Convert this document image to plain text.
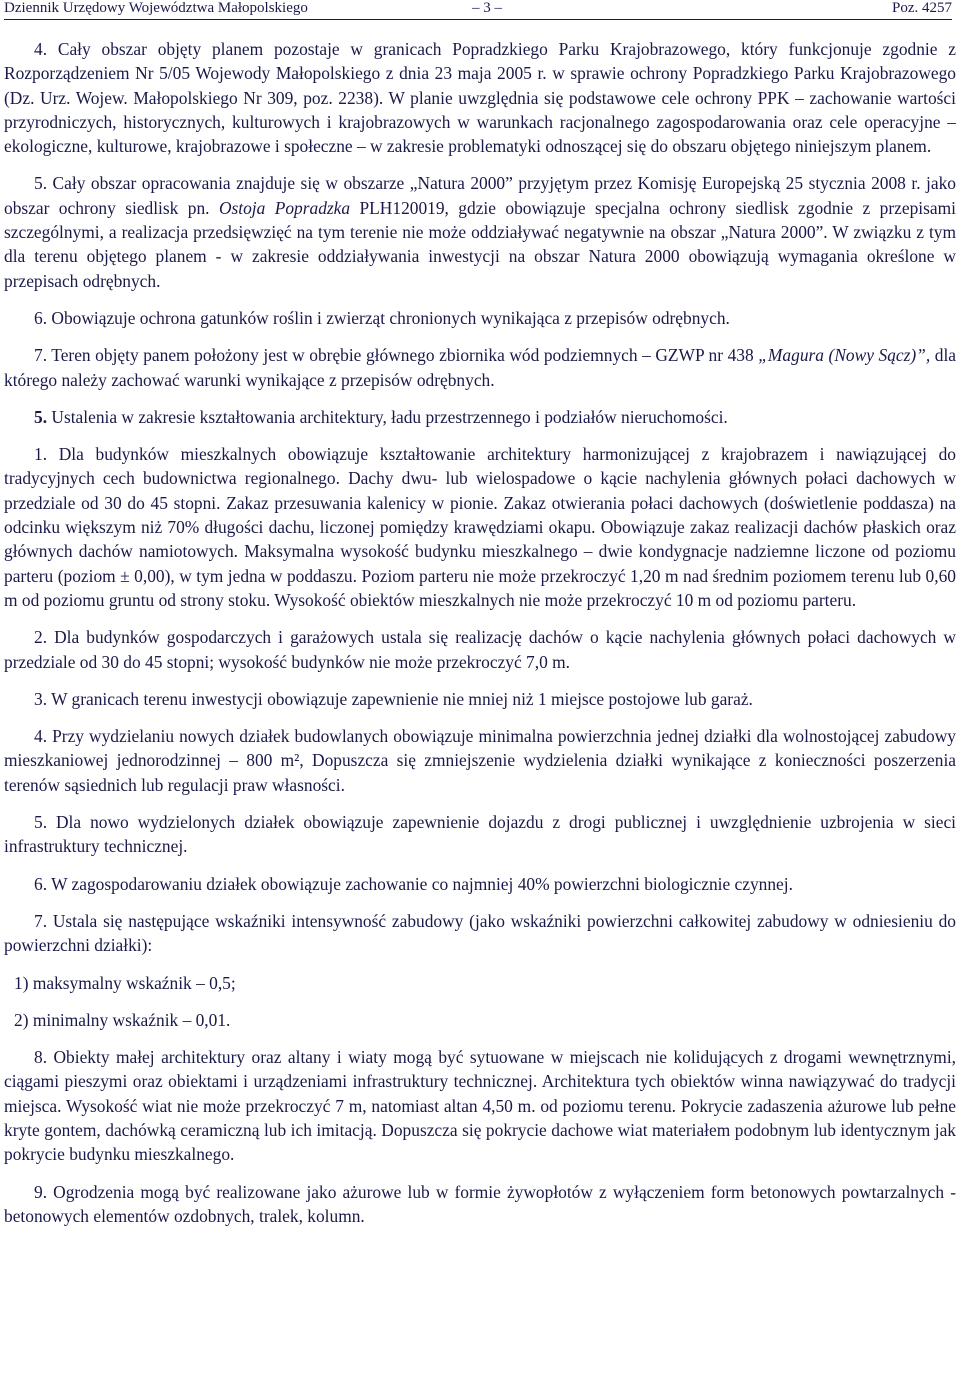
Dziennik Urzędowy Województwa Małopolskiego	– 3 –	Poz. 4257

4. Cały obszar objęty planem pozostaje w granicach Popradzkiego Parku Krajobrazowego, który funkcjonuje zgodnie z Rozporządzeniem Nr 5/05 Wojewody Małopolskiego z dnia 23 maja 2005 r. w sprawie ochrony Popradzkiego Parku Krajobrazowego (Dz. Urz. Wojew. Małopolskiego Nr 309, poz. 2238). W planie uwzględnia się podstawowe cele ochrony PPK – zachowanie wartości przyrodniczych, historycznych, kulturowych i krajobrazowych w warunkach racjonalnego zagospodarowania oraz cele operacyjne – ekologiczne, kulturowe, krajobrazowe i społeczne – w zakresie problematyki odnoszącej się do obszaru objętego niniejszym planem.

5. Cały obszar opracowania znajduje się w obszarze „Natura 2000” przyjętym przez Komisję Europejską 25 stycznia 2008 r. jako obszar ochrony siedlisk pn. Ostoja Popradzka PLH120019, gdzie obowiązuje specjalna ochrony siedlisk zgodnie z przepisami szczególnymi, a realizacja przedsięwzięć na tym terenie nie może oddziaływać negatywnie na obszar „Natura 2000”. W związku z tym dla terenu objętego planem - w zakresie oddziaływania inwestycji na obszar Natura 2000 obowiązują wymagania określone w przepisach odrębnych.

6. Obowiązuje ochrona gatunków roślin i zwierząt chronionych wynikająca z przepisów odrębnych.

7. Teren objęty panem położony jest w obrębie głównego zbiornika wód podziemnych – GZWP nr 438 „Magura (Nowy Sącz)”, dla którego należy zachować warunki wynikające z przepisów odrębnych.

5. Ustalenia w zakresie kształtowania architektury, ładu przestrzennego i podziałów nieruchomości.

1. Dla budynków mieszkalnych obowiązuje kształtowanie architektury harmonizującej z krajobrazem i nawiązującej do tradycyjnych cech budownictwa regionalnego. Dachy dwu- lub wielospadowe o kącie nachylenia głównych połaci dachowych w przedziale od 30 do 45 stopni. Zakaz przesuwania kalenicy w pionie. Zakaz otwierania połaci dachowych (doświetlenie poddasza) na odcinku większym niż 70% długości dachu, liczonej pomiędzy krawędziami okapu. Obowiązuje zakaz realizacji dachów płaskich oraz głównych dachów namiotowych. Maksymalna wysokość budynku mieszkalnego – dwie kondygnacje nadziemne liczone od poziomu parteru (poziom ± 0,00), w tym jedna w poddaszu. Poziom parteru nie może przekroczyć 1,20 m nad średnim poziomem terenu lub 0,60 m od poziomu gruntu od strony stoku. Wysokość obiektów mieszkalnych nie może przekroczyć 10 m od poziomu parteru.

2. Dla budynków gospodarczych i garażowych ustala się realizację dachów o kącie nachylenia głównych połaci dachowych w przedziale od 30 do 45 stopni; wysokość budynków nie może przekroczyć 7,0 m.

3. W granicach terenu inwestycji obowiązuje zapewnienie nie mniej niż 1 miejsce postojowe lub garaż.

4. Przy wydzielaniu nowych działek budowlanych obowiązuje minimalna powierzchnia jednej działki dla wolnostojącej zabudowy mieszkaniowej jednorodzinnej – 800 m², Dopuszcza się zmniejszenie wydzielenia działki wynikające z konieczności poszerzenia terenów sąsiednich lub regulacji praw własności.

5. Dla nowo wydzielonych działek obowiązuje zapewnienie dojazdu z drogi publicznej i uwzględnienie uzbrojenia w sieci infrastruktury technicznej.

6. W zagospodarowaniu działek obowiązuje zachowanie co najmniej 40% powierzchni biologicznie czynnej.

7. Ustala się następujące wskaźniki intensywność zabudowy (jako wskaźniki powierzchni całkowitej zabudowy w odniesieniu do powierzchni działki):

1) maksymalny wskaźnik – 0,5;

2) minimalny wskaźnik – 0,01.

8. Obiekty małej architektury oraz altany i wiaty mogą być sytuowane w miejscach nie kolidujących z drogami wewnętrznymi, ciągami pieszymi oraz obiektami i urządzeniami infrastruktury technicznej. Architektura tych obiektów winna nawiązywać do tradycji miejsca. Wysokość wiat nie może przekroczyć 7 m, natomiast altan 4,50 m. od poziomu terenu. Pokrycie zadaszenia ażurowe lub pełne kryte gontem, dachówką ceramiczną lub ich imitacją. Dopuszcza się pokrycie dachowe wiat materiałem podobnym lub identycznym jak pokrycie budynku mieszkalnego.

9. Ogrodzenia mogą być realizowane jako ażurowe lub w formie żywopłotów z wyłączeniem form betonowych powtarzalnych - betonowych elementów ozdobnych, tralek, kolumn.
